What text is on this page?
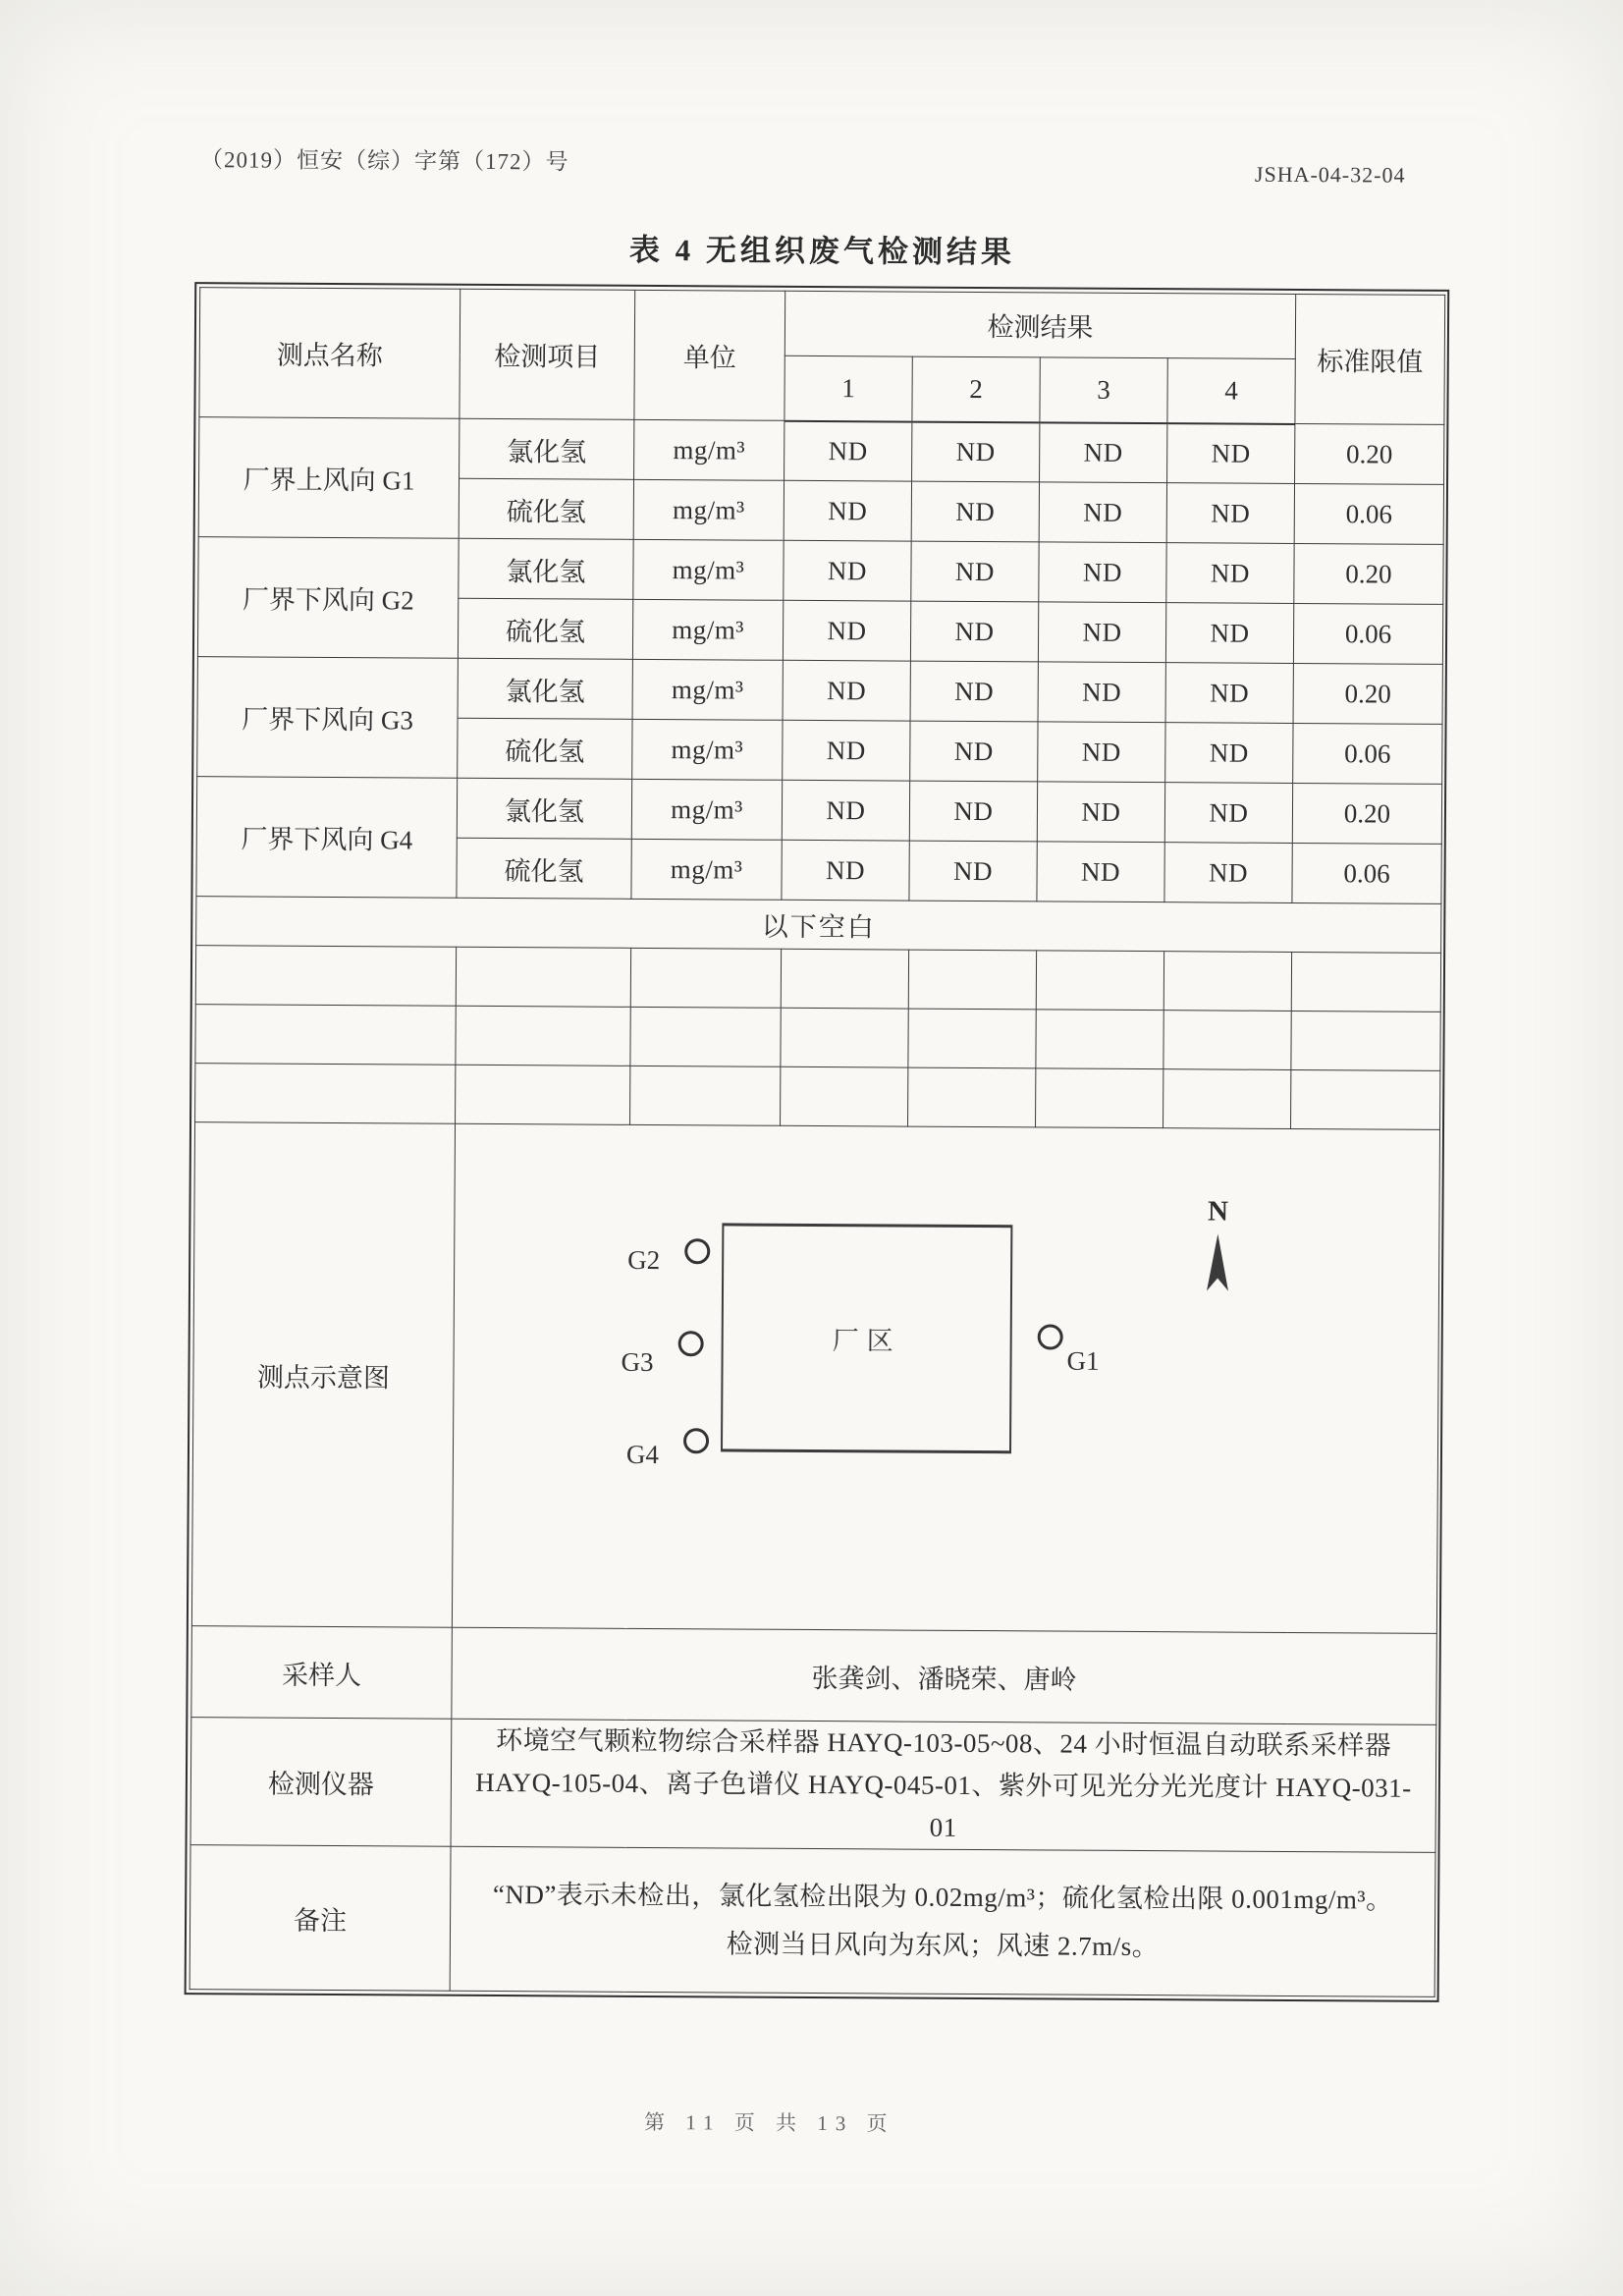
（2019）恒安（综）字第（172）号
JSHA-04-32-04
表 4 无组织废气检测结果
测点名称	检测项目	单位	检测结果				标准限值
			1	2	3	4	
厂界上风向 G1	氯化氢	mg/m³	ND	ND	ND	ND	0.20
	硫化氢	mg/m³	ND	ND	ND	ND	0.06
厂界下风向 G2	氯化氢	mg/m³	ND	ND	ND	ND	0.20
	硫化氢	mg/m³	ND	ND	ND	ND	0.06
厂界下风向 G3	氯化氢	mg/m³	ND	ND	ND	ND	0.20
	硫化氢	mg/m³	ND	ND	ND	ND	0.06
厂界下风向 G4	氯化氢	mg/m³	ND	ND	ND	ND	0.20
	硫化氢	mg/m³	ND	ND	ND	ND	0.06
以下空白							

测点示意图	
厂区
G2
G3
G4
G1
N

采样人	张龚剑、潘晓荣、唐岭						
检测仪器	环境空气颗粒物综合采样器 HAYQ-103-05~08、24 小时恒温自动联系采样器 HAYQ-105-04、离子色谱仪 HAYQ-045-01、紫外可见光分光光度计 HAYQ-031-01						

备注	“ND”表示未检出，氯化氢检出限为 0.02mg/m³；硫化氢检出限 0.001mg/m³。
检测当日风向为东风；风速 2.7m/s。						
第 11 页 共 13 页
